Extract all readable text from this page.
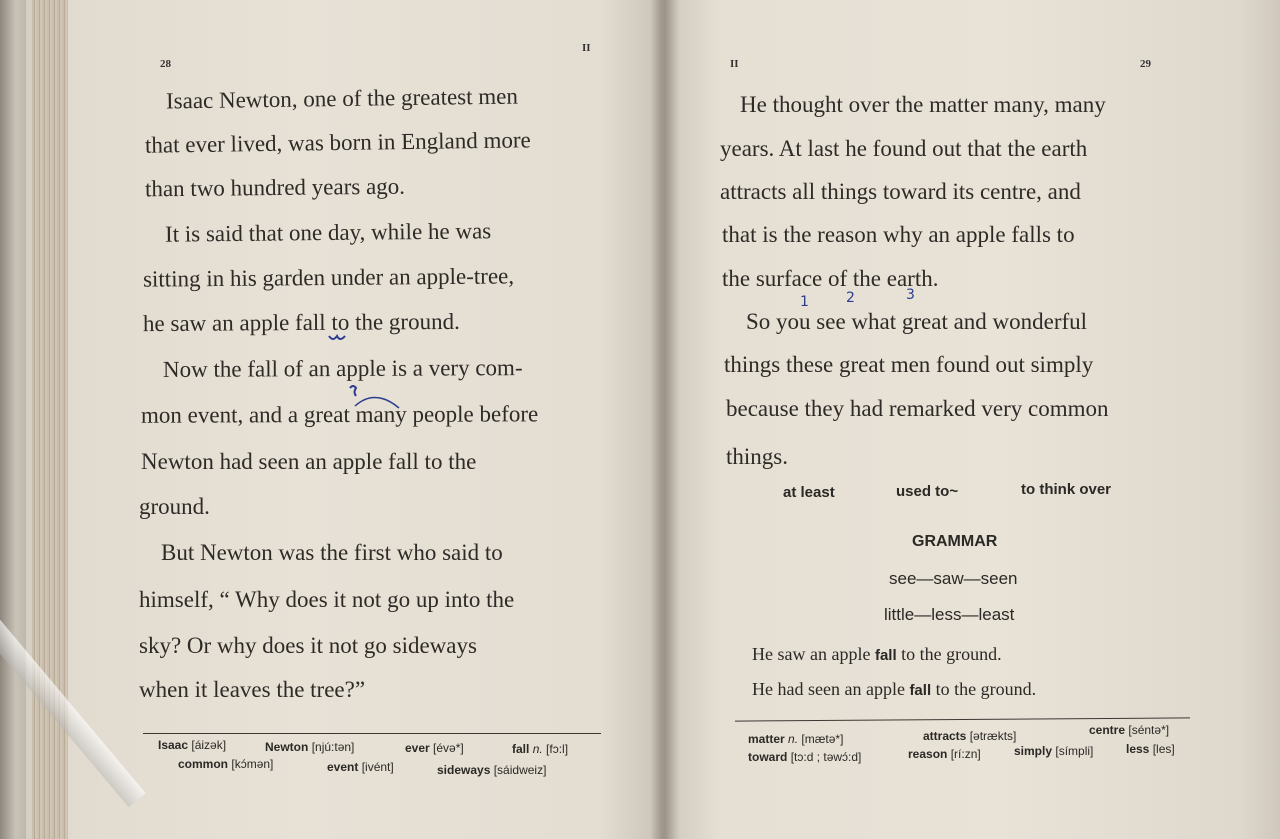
28
II
Isaac Newton, one of the greatest men
that ever lived, was born in England more
than two hundred years ago.
It is said that one day, while he was
sitting in his garden under an apple-tree,
he saw an apple fall to the ground.
Now the fall of an apple is a very com-
mon event, and a great many people before
Newton had seen an apple fall to the
ground.
But Newton was the first who said to
himself, “ Why does it not go up into the
sky? Or why does it not go sideways
when it leaves the tree?”
Isaac [áizək]	Newton [njú:tən]	ever [évə*]	fall n. [fɔ:l]
common [kɔ́mən]	event [ivént]	sideways [sáidweiz]
II	29
He thought over the matter many, many
years. At last he found out that the earth
attracts all things toward its centre, and
that is the reason why an apple falls to
the surface of the earth.
So you see what great and wonderful
things these great men found out simply
because they had remarked very common
things.
1	2	3
at least	used to~	to think over
GRAMMAR
see—saw—seen
little—less—least
He saw an apple fall to the ground.
He had seen an apple fall to the ground.
matter n. [mætə*]	attracts [ətrækts]	centre [séntə*]
toward [tɔ:d ; təwɔ́:d]	reason [rí:zn]	simply [símpli]	less [les]
